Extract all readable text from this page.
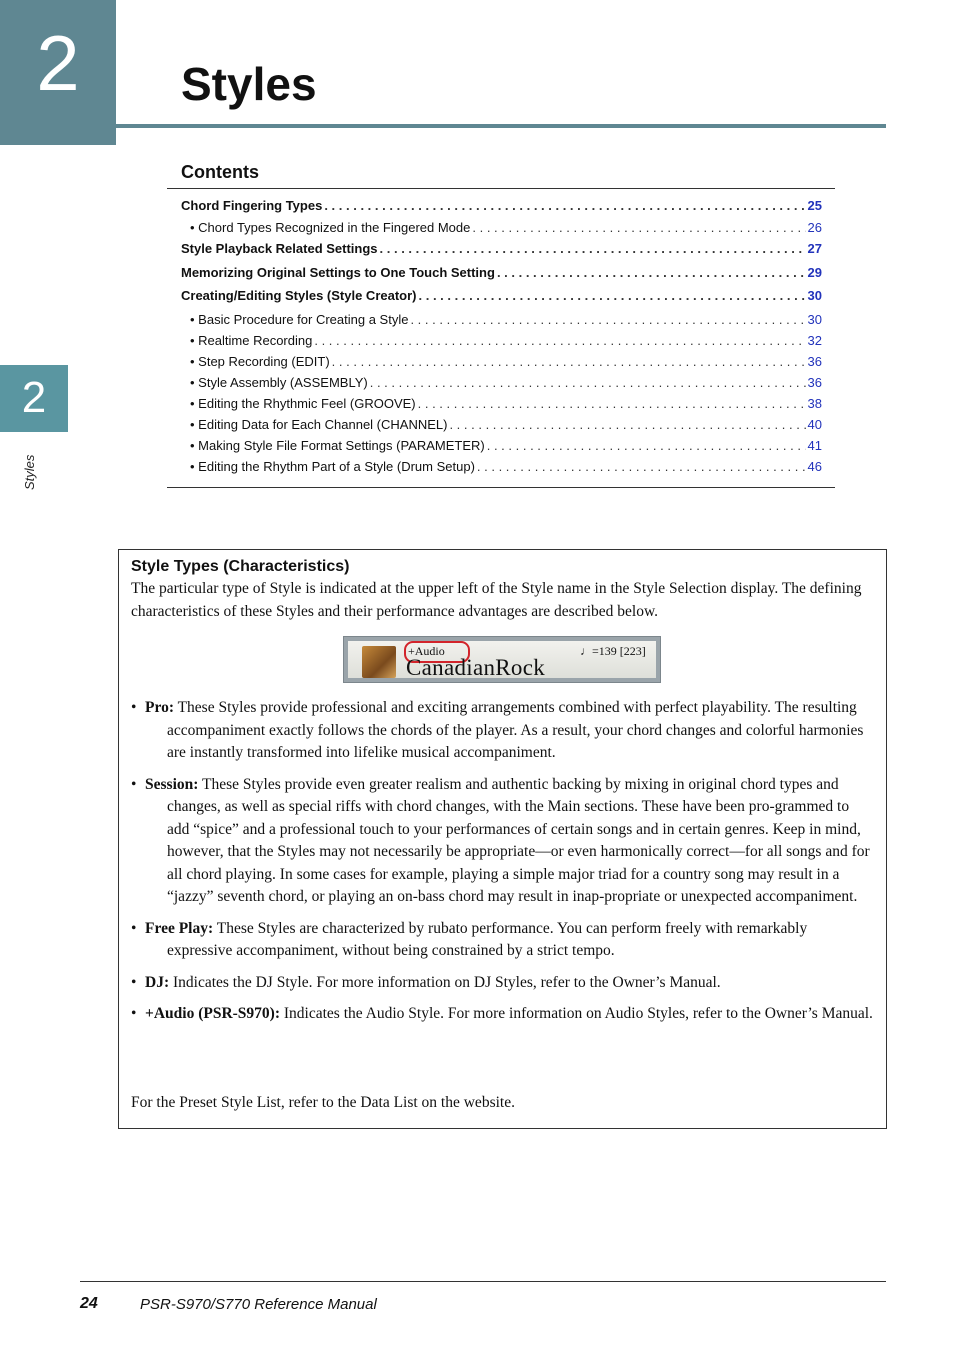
2	Styles
2
Styles
Contents
Chord Fingering Types . . .	25
• Chord Types Recognized in the Fingered Mode . . .	26
Style Playback Related Settings . . .	27
Memorizing Original Settings to One Touch Setting . . .	29
Creating/Editing Styles (Style Creator) . . .	30
• Basic Procedure for Creating a Style . . .	30
• Realtime Recording . . .	32
• Step Recording (EDIT) . . .	36
• Style Assembly (ASSEMBLY) . . .	36
• Editing the Rhythmic Feel (GROOVE) . . .	38
• Editing Data for Each Channel (CHANNEL) . . .	40
• Making Style File Format Settings (PARAMETER) . . .	41
• Editing the Rhythm Part of a Style (Drum Setup) . . .	46
Style Types (Characteristics)
The particular type of Style is indicated at the upper left of the Style name in the Style Selection display. The defining characteristics of these Styles and their performance advantages are described below.
+Audio
CanadianRock
♩=139 [223]
• Pro: These Styles provide professional and exciting arrangements combined with perfect playability. The resulting accompaniment exactly follows the chords of the player. As a result, your chord changes and colorful harmonies are instantly transformed into lifelike musical accompaniment.
• Session: These Styles provide even greater realism and authentic backing by mixing in original chord types and changes, as well as special riffs with chord changes, with the Main sections. These have been pro-grammed to add “spice” and a professional touch to your performances of certain songs and in certain genres. Keep in mind, however, that the Styles may not necessarily be appropriate—or even harmonically correct—for all songs and for all chord playing. In some cases for example, playing a simple major triad for a country song may result in a “jazzy” seventh chord, or playing an on-bass chord may result in inap-propriate or unexpected accompaniment.
• Free Play: These Styles are characterized by rubato performance. You can perform freely with remarkably expressive accompaniment, without being constrained by a strict tempo.
• DJ: Indicates the DJ Style. For more information on DJ Styles, refer to the Owner’s Manual.
• +Audio (PSR-S970): Indicates the Audio Style. For more information on Audio Styles, refer to the Owner’s Manual.
For the Preset Style List, refer to the Data List on the website.
24	PSR-S970/S770 Reference Manual
